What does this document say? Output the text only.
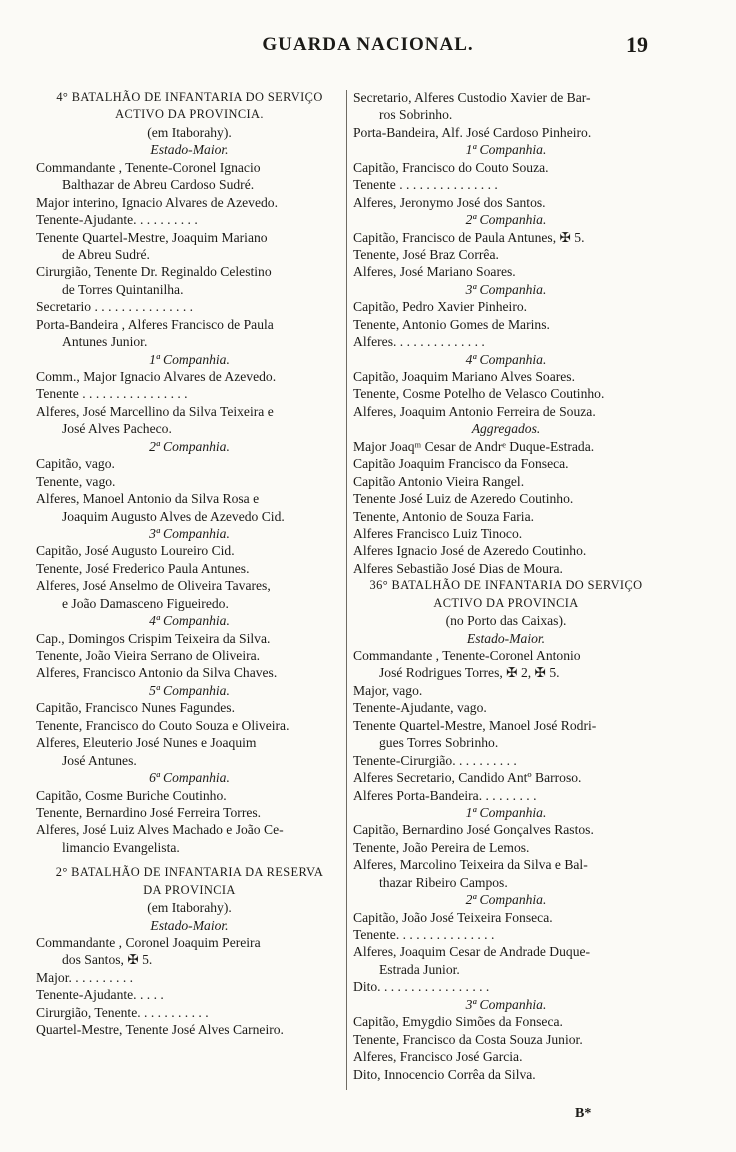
GUARDA NACIONAL.	19
4° BATALHÃO DE INFANTARIA DO SERVIÇO
ACTIVO DA PROVINCIA.
(em Itaborahy).
Estado-Maior.
Commandante , Tenente-Coronel Ignacio
Balthazar de Abreu Cardoso Sudré.
Major interino, Ignacio Alvares de Azevedo.
Tenente-Ajudante. . . . . . . . . .
Tenente Quartel-Mestre, Joaquim Mariano
de Abreu Sudré.
Cirurgião, Tenente Dr. Reginaldo Celestino
de Torres Quintanilha.
Secretario . . . . . . . . . . . . . . .
Porta-Bandeira , Alferes Francisco de Paula
Antunes Junior.
1ª Companhia.
Comm., Major Ignacio Alvares de Azevedo.
Tenente . . . . . . . . . . . . . . . .
Alferes, José Marcellino da Silva Teixeira e
José Alves Pacheco.
2ª Companhia.
Capitão, vago.
Tenente, vago.
Alferes, Manoel Antonio da Silva Rosa e
Joaquim Augusto Alves de Azevedo Cid.
3ª Companhia.
Capitão, José Augusto Loureiro Cid.
Tenente, José Frederico Paula Antunes.
Alferes, José Anselmo de Oliveira Tavares,
e João Damasceno Figueiredo.
4ª Companhia.
Cap., Domingos Crispim Teixeira da Silva.
Tenente, João Vieira Serrano de Oliveira.
Alferes, Francisco Antonio da Silva Chaves.
5ª Companhia.
Capitão, Francisco Nunes Fagundes.
Tenente, Francisco do Couto Souza e Oliveira.
Alferes, Eleuterio José Nunes e Joaquim
José Antunes.
6ª Companhia.
Capitão, Cosme Buriche Coutinho.
Tenente, Bernardino José Ferreira Torres.
Alferes, José Luiz Alves Machado e João Ce-
limancio Evangelista.
2° BATALHÃO DE INFANTARIA DA RESERVA
DA PROVINCIA
(em Itaborahy).
Estado-Maior.
Commandante , Coronel Joaquim Pereira
dos Santos, ✠ 5.
Major. . . . . . . . . .
Tenente-Ajudante. . . . .
Cirurgião, Tenente. . . . . . . . . . .
Quartel-Mestre, Tenente José Alves Carneiro.
Secretario, Alferes Custodio Xavier de Bar-
ros Sobrinho.
Porta-Bandeira, Alf. José Cardoso Pinheiro.
1ª Companhia.
Capitão, Francisco do Couto Souza.
Tenente . . . . . . . . . . . . . . .
Alferes, Jeronymo José dos Santos.
2ª Companhia.
Capitão, Francisco de Paula Antunes, ✠ 5.
Tenente, José Braz Corrêa.
Alferes, José Mariano Soares.
3ª Companhia.
Capitão, Pedro Xavier Pinheiro.
Tenente, Antonio Gomes de Marins.
Alferes. . . . . . . . . . . . . .
4ª Companhia.
Capitão, Joaquim Mariano Alves Soares.
Tenente, Cosme Potelho de Velasco Coutinho.
Alferes, Joaquim Antonio Ferreira de Souza.
Aggregados.
Major Joaqᵐ Cesar de Andrᵉ Duque-Estrada.
Capitão Joaquim Francisco da Fonseca.
Capitão Antonio Vieira Rangel.
Tenente José Luiz de Azeredo Coutinho.
Tenente, Antonio de Souza Faria.
Alferes Francisco Luiz Tinoco.
Alferes Ignacio José de Azeredo Coutinho.
Alferes Sebastião José Dias de Moura.
36° BATALHÃO DE INFANTARIA DO SERVIÇO
ACTIVO DA PROVINCIA
(no Porto das Caixas).
Estado-Maior.
Commandante , Tenente-Coronel Antonio
José Rodrigues Torres, ✠ 2, ✠ 5.
Major, vago.
Tenente-Ajudante, vago.
Tenente Quartel-Mestre, Manoel José Rodri-
gues Torres Sobrinho.
Tenente-Cirurgião. . . . . . . . . .
Alferes Secretario, Candido Antº Barroso.
Alferes Porta-Bandeira. . . . . . . . .
1ª Companhia.
Capitão, Bernardino José Gonçalves Rastos.
Tenente, João Pereira de Lemos.
Alferes, Marcolino Teixeira da Silva e Bal-
thazar Ribeiro Campos.
2ª Companhia.
Capitão, João José Teixeira Fonseca.
Tenente. . . . . . . . . . . . . . .
Alferes, Joaquim Cesar de Andrade Duque-
Estrada Junior.
Dito. . . . . . . . . . . . . . . . .
3ª Companhia.
Capitão, Emygdio Simões da Fonseca.
Tenente, Francisco da Costa Souza Junior.
Alferes, Francisco José Garcia.
Dito, Innocencio Corrêa da Silva.
B*
